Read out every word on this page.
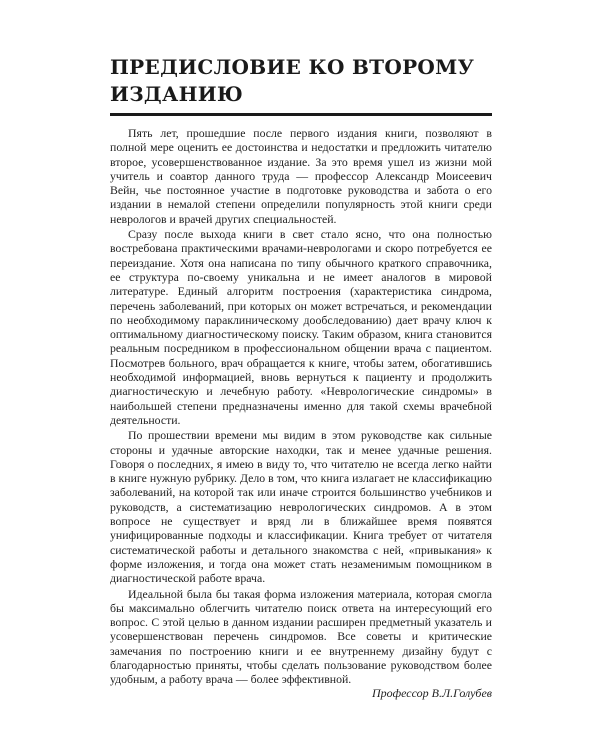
ПРЕДИСЛОВИЕ КО ВТОРОМУ
ИЗДАНИЮ

Пять лет, прошедшие после первого издания книги, позволяют в полной мере оценить ее достоинства и недостатки и предложить читателю второе, усовершенствованное издание. За это время ушел из жизни мой учитель и соавтор данного труда — профессор Александр Моисеевич Вейн, чье постоянное участие в подготовке руководства и забота о его издании в немалой степени определили популярность этой книги среди неврологов и врачей других специальностей.

Сразу после выхода книги в свет стало ясно, что она полностью востребована практическими врачами-неврологами и скоро потребуется ее переиздание. Хотя она написана по типу обычного краткого справочника, ее структура по-своему уникальна и не имеет аналогов в мировой литературе. Единый алгоритм построения (характеристика синдрома, перечень заболеваний, при которых он может встречаться, и рекомендации по необходимому параклиническому дообследованию) дает врачу ключ к оптимальному диагностическому поиску. Таким образом, книга становится реальным посредником в профессиональном общении врача с пациентом. Посмотрев больного, врач обращается к книге, чтобы затем, обогатившись необходимой информацией, вновь вернуться к пациенту и продолжить диагностическую и лечебную работу. «Неврологические синдромы» в наибольшей степени предназначены именно для такой схемы врачебной деятельности.

По прошествии времени мы видим в этом руководстве как сильные стороны и удачные авторские находки, так и менее удачные решения. Говоря о последних, я имею в виду то, что читателю не всегда легко найти в книге нужную рубрику. Дело в том, что книга излагает не классификацию заболеваний, на которой так или иначе строится большинство учебников и руководств, а систематизацию неврологических синдромов. А в этом вопросе не существует и вряд ли в ближайшее время появятся унифицированные подходы и классификации. Книга требует от читателя систематической работы и детального знакомства с ней, «привыкания» к форме изложения, и тогда она может стать незаменимым помощником в диагностической работе врача.

Идеальной была бы такая форма изложения материала, которая смогла бы максимально облегчить читателю поиск ответа на интересующий его вопрос. С этой целью в данном издании расширен предметный указатель и усовершенствован перечень синдромов. Все советы и критические замечания по построению книги и ее внутреннему дизайну будут с благодарностью приняты, чтобы сделать пользование руководством более удобным, а работу врача — более эффективной.

Профессор В.Л.Голубев
